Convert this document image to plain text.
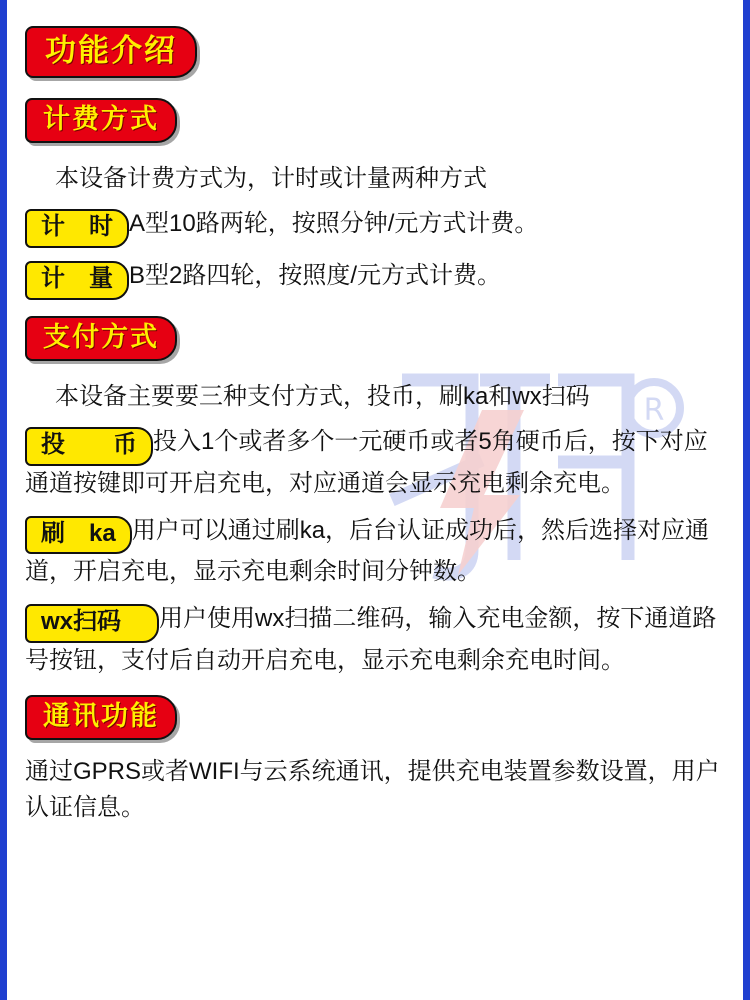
R
功能介绍
计费方式

本设备计费方式为，计时或计量两种方式

计　时 A型10路两轮，按照分钟/元方式计费。
计　量 B型2路四轮，按照度/元方式计费。
支付方式

本设备主要要三种支付方式，投币，刷ka和wx扫码

投　　币 投入1个或者多个一元硬币或者5角硬币后，按下对应通道按键即可开启充电，对应通道会显示充电剩余充电。
刷　ka 用户可以通过刷ka，后台认证成功后，然后选择对应通道，开启充电，显示充电剩余时间分钟数。
wx扫码 用户使用wx扫描二维码，输入充电金额，按下通道路号按钮，支付后自动开启充电，显示充电剩余充电时间。
通讯功能

通过GPRS或者WIFI与云系统通讯，提供充电装置参数设置，用户认证信息。
